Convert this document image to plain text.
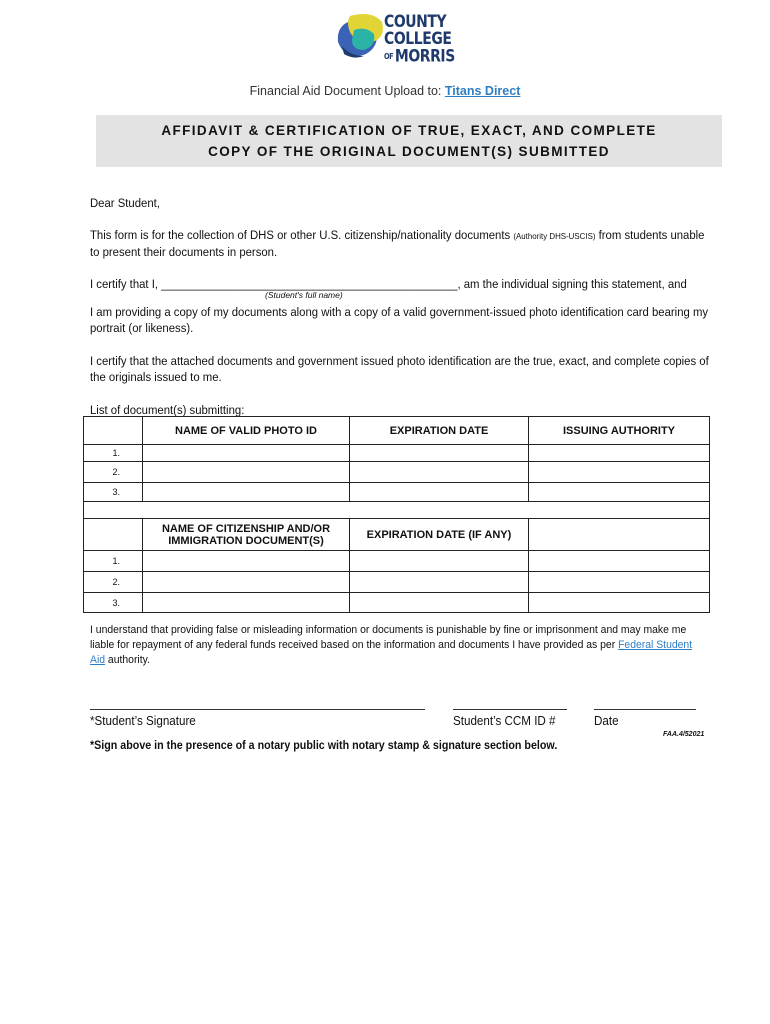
COUNTY
COLLEGE
OFMORRIS
Financial Aid Document Upload to: Titans Direct
AFFIDAVIT & CERTIFICATION OF TRUE, EXACT, AND COMPLETE
COPY OF THE ORIGINAL DOCUMENT(S) SUBMITTED
Dear Student,
This form is for the collection of DHS or other U.S. citizenship/nationality documents (Authority DHS-USCIS) from students unable to present their documents in person.
I certify that I, _______________________________________________, am the individual signing this statement, and
(Student's full name)
I am providing a copy of my documents along with a copy of a valid government-issued photo identification card bearing my portrait (or likeness).
I certify that the attached documents and government issued photo identification are the true, exact, and complete copies of the originals issued to me.
List of document(s) submitting:
	NAME OF VALID PHOTO ID	EXPIRATION DATE	ISSUING AUTHORITY
1.			
2.			
3.			

	NAME OF CITIZENSHIP AND/OR IMMIGRATION DOCUMENT(S)	EXPIRATION DATE (IF ANY)	
1.			
2.			
3.			
I understand that providing false or misleading information or documents is punishable by fine or imprisonment and may make me liable for repayment of any federal funds received based on the information and documents I have provided as per Federal Student Aid authority.
*Student’s Signature	Student’s CCM ID #	Date
FAA.4/52021
*Sign above in the presence of a notary public with notary stamp & signature section below.
